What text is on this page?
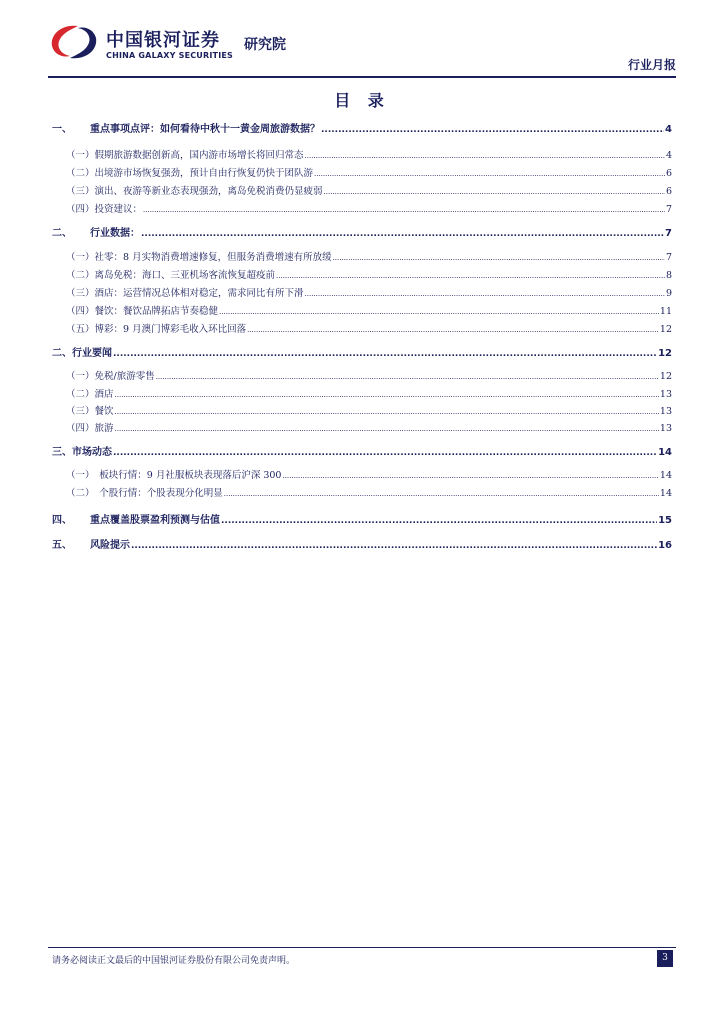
中国银河证券
CHINA GALAXY SECURITIES
研究院
行业月报
目 录
一、	重点事项点评：如何看待中秋十一黄金周旅游数据？ .....	4
（一）假期旅游数据创新高，国内游市场增长将回归常态 .....	4
（二）出境游市场恢复强劲，预计自由行恢复仍快于团队游 .....	6
（三）演出、夜游等新业态表现强劲，离岛免税消费仍显疲弱 .....	6
（四）投资建议： .....	7
二、	行业数据： .....	7
（一）社零：8 月实物消费增速修复，但服务消费增速有所放缓 .....	7
（二）离岛免税：海口、三亚机场客流恢复超疫前 .....	8
（三）酒店：运营情况总体相对稳定，需求同比有所下滑 .....	9
（四）餐饮：餐饮品牌拓店节奏稳健 .....	11
（五）博彩：9 月澳门博彩毛收入环比回落 .....	12
二、行业要闻 .....	12
（一）免税/旅游零售 .....	12
（二）酒店 .....	13
（三）餐饮 .....	13
（四）旅游 .....	13
三、市场动态 .....	14
（一）　板块行情：9 月社服板块表现落后沪深 300 .....	14
（二）　个股行情：个股表现分化明显 .....	14
四、	重点覆盖股票盈利预测与估值 .....	15
五、	风险提示 .....	16
请务必阅读正文最后的中国银河证券股份有限公司免责声明。	3
